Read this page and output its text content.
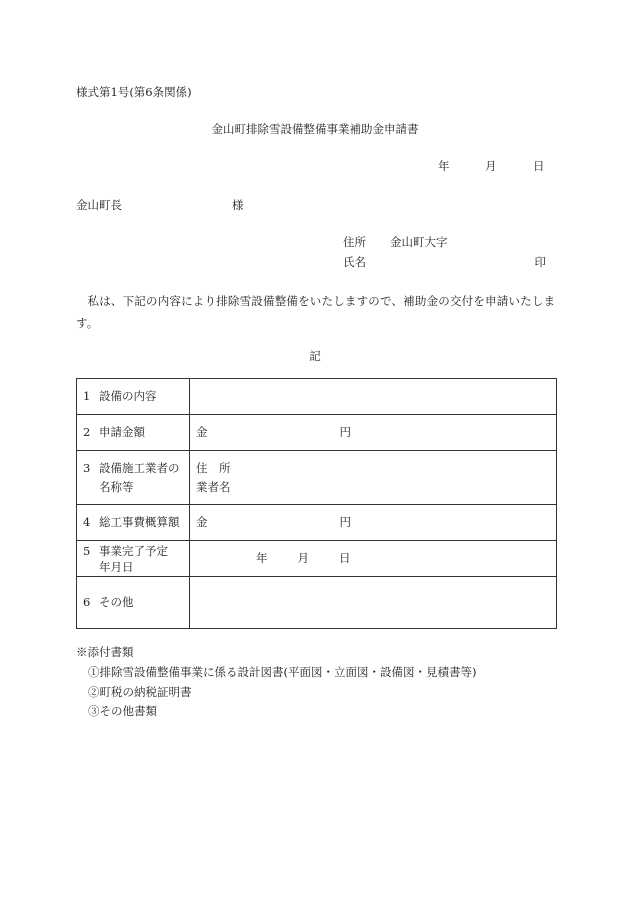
様式第1号(第6条関係)
金山町排除雪設備整備事業補助金申請書
年	月	日
金山町長	様
住所 金山町大字
氏名	印
私は、下記の内容により排除雪設備整備をいたしますので、補助金の交付を申請いたします。
記
1 設備の内容	
2 申請金額	金 円
3 設備施工業者の
名称等	住　所
業者名
4 総工事費概算額	金 円
5 事業完了予定
年月日	年 月 日
6 その他	
※添付書類
①排除雪設備整備事業に係る設計図書(平面図・立面図・設備図・見積書等)
②町税の納税証明書
③その他書類
